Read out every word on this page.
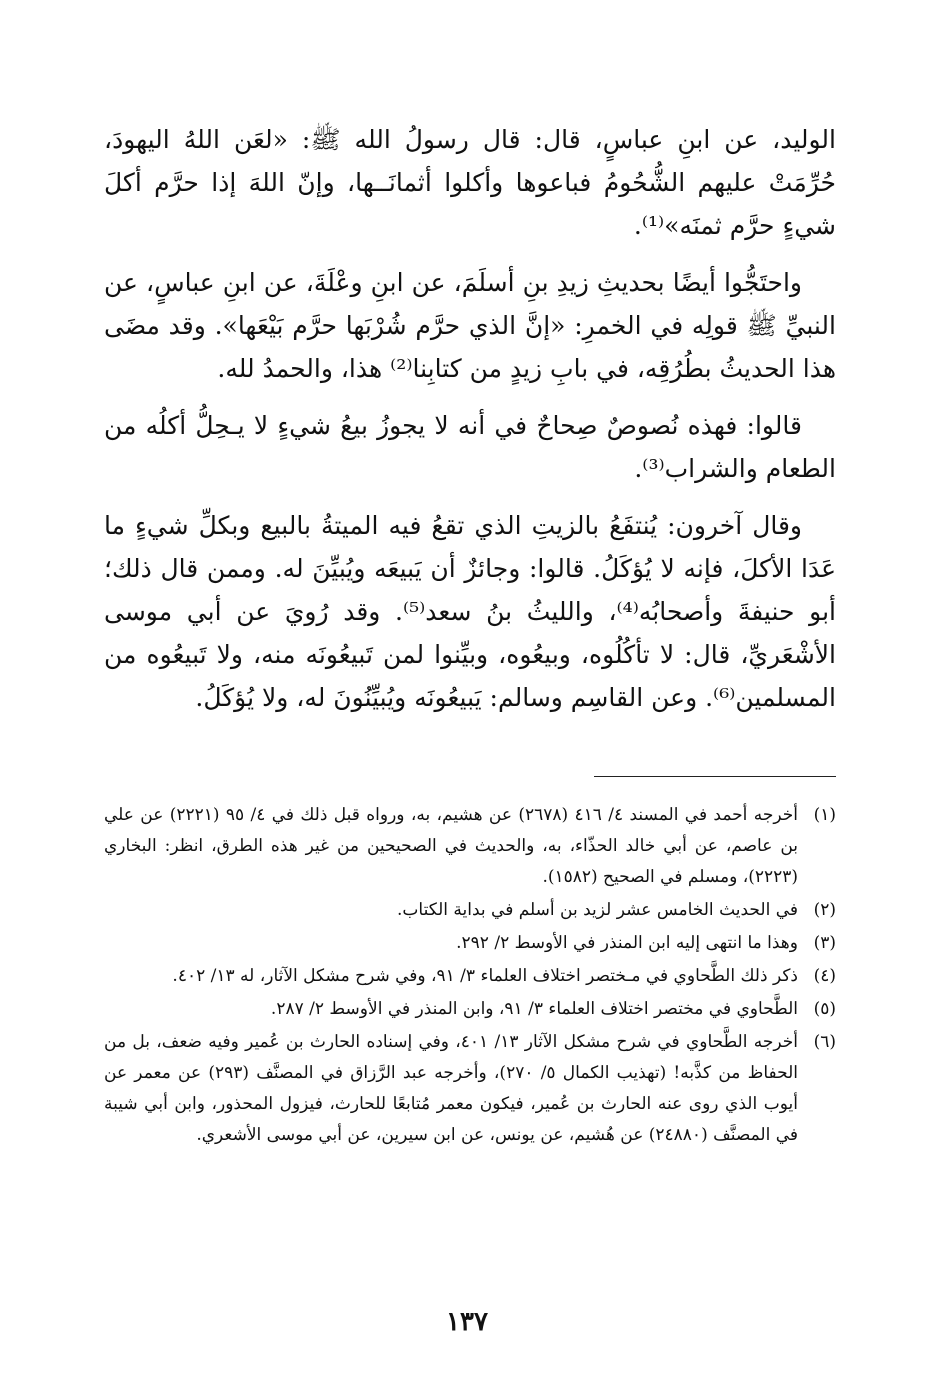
الوليد، عن ابنِ عباسٍ، قال: قال رسولُ الله ﷺ: «لعَن اللهُ اليهودَ، حُرِّمَتْ عليهم الشُّحُومُ فباعوها وأكلوا أثمانَــها، وإنّ اللهَ إذا حرَّم أكلَ شيءٍ حرَّم ثمنَه»⁽¹⁾.

واحتَجُّوا أيضًا بحديثِ زيدِ بنِ أسلَمَ، عن ابنِ وعْلَةَ، عن ابنِ عباسٍ، عن النبيِّ ﷺ قولِه في الخمرِ: «إنَّ الذي حرَّم شُرْبَها حرَّم بَيْعَها». وقد مضَى هذا الحديثُ بطُرُقِه، في بابِ زيدٍ من كتابِنا⁽²⁾ هذا، والحمدُ لله.

قالوا: فهذه نُصوصٌ صِحاحٌ في أنه لا يجوزُ بيعُ شيءٍ لا يـحِلُّ أكلُه من الطعام والشراب⁽³⁾.

وقال آخرون: يُنتفَعُ بالزيتِ الذي تقعُ فيه الميتةُ بالبيع وبكلِّ شيءٍ ما عَدَا الأكلَ، فإنه لا يُؤكَلُ. قالوا: وجائزٌ أن يَبيعَه ويُبيِّنَ له. وممن قال ذلك؛ أبو حنيفةَ وأصحابُه⁽⁴⁾، والليثُ بنُ سعد⁽⁵⁾. وقد رُويَ عن أبي موسى الأشْعَريِّ، قال: لا تأكُلُوه، وبيعُوه، وبيِّنوا لمن تَبيعُونَه منه، ولا تَبيعُوه من المسلمين⁽⁶⁾. وعن القاسِم وسالم: يَبيعُونَه ويُبيِّنُونَ له، ولا يُؤكَلُ.

(١)
أخرجه أحمد في المسند ٤/ ٤١٦ (٢٦٧٨) عن هشيم، به، ورواه قبل ذلك في ٤/ ٩٥ (٢٢٢١) عن علي بن عاصم، عن أبي خالد الحذّاء، به، والحديث في الصحيحين من غير هذه الطرق، انظر: البخاري (٢٢٢٣)، ومسلم في الصحيح (١٥٨٢).
(٢)
في الحديث الخامس عشر لزيد بن أسلم في بداية الكتاب.
(٣)
وهذا ما انتهى إليه ابن المنذر في الأوسط ٢/ ٢٩٢.
(٤)
ذكر ذلك الطَّحاوي في مـختصر اختلاف العلماء ٣/ ٩١، وفي شرح مشكل الآثار، له ١٣/ ٤٠٢.
(٥)
الطَّحاوي في مختصر اختلاف العلماء ٣/ ٩١، وابن المنذر في الأوسط ٢/ ٢٨٧.
(٦)
أخرجه الطَّحاوي في شرح مشكل الآثار ١٣/ ٤٠١، وفي إسناده الحارث بن عُمير وفيه ضعف، بل من الحفاظ من كذَّبه! (تهذيب الكمال ٥/ ٢٧٠)، وأخرجه عبد الرَّزاق في المصنَّف (٢٩٣) عن معمر عن أيوب الذي روى عنه الحارث بن عُمير، فيكون معمر مُتابعًا للحارث، فيزول المحذور، وابن أبي شيبة في المصنَّف (٢٤٨٨٠) عن هُشيم، عن يونس، عن ابن سيرين، عن أبي موسى الأشعري.
١٣٧
